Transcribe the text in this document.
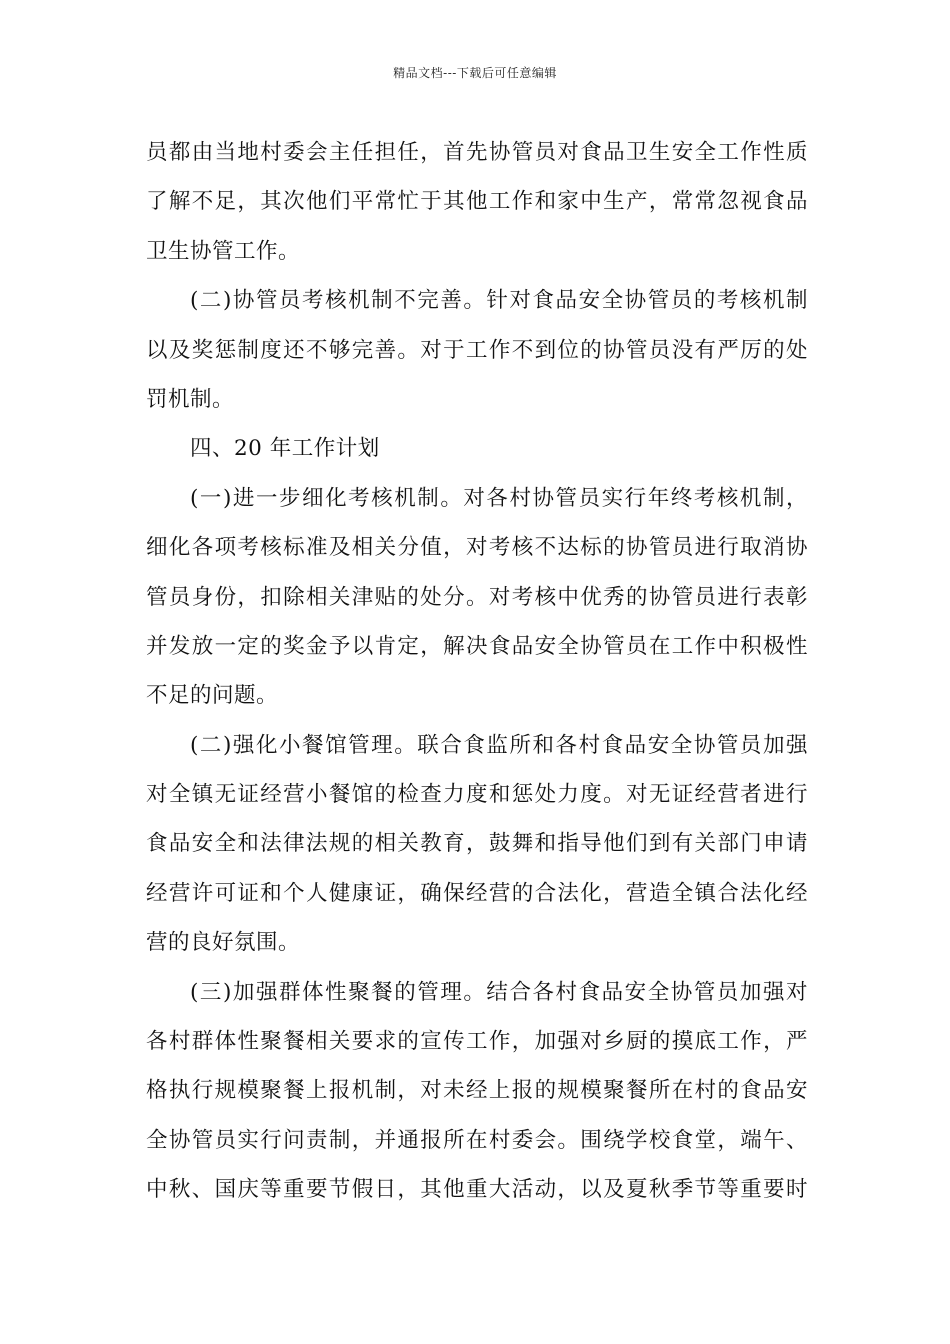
精品文档---下载后可任意编辑
员都由当地村委会主任担任，首先协管员对食品卫生安全工作性质
了解不足，其次他们平常忙于其他工作和家中生产，常常忽视食品
卫生协管工作。
(二)协管员考核机制不完善。针对食品安全协管员的考核机制
以及奖惩制度还不够完善。对于工作不到位的协管员没有严厉的处
罚机制。
四、20 年工作计划
(一)进一步细化考核机制。对各村协管员实行年终考核机制，
细化各项考核标准及相关分值，对考核不达标的协管员进行取消协
管员身份，扣除相关津贴的处分。对考核中优秀的协管员进行表彰
并发放一定的奖金予以肯定，解决食品安全协管员在工作中积极性
不足的问题。
(二)强化小餐馆管理。联合食监所和各村食品安全协管员加强
对全镇无证经营小餐馆的检查力度和惩处力度。对无证经营者进行
食品安全和法律法规的相关教育，鼓舞和指导他们到有关部门申请
经营许可证和个人健康证，确保经营的合法化，营造全镇合法化经
营的良好氛围。
(三)加强群体性聚餐的管理。结合各村食品安全协管员加强对
各村群体性聚餐相关要求的宣传工作，加强对乡厨的摸底工作，严
格执行规模聚餐上报机制，对未经上报的规模聚餐所在村的食品安
全协管员实行问责制，并通报所在村委会。围绕学校食堂，端午、
中秋、国庆等重要节假日，其他重大活动，以及夏秋季节等重要时
